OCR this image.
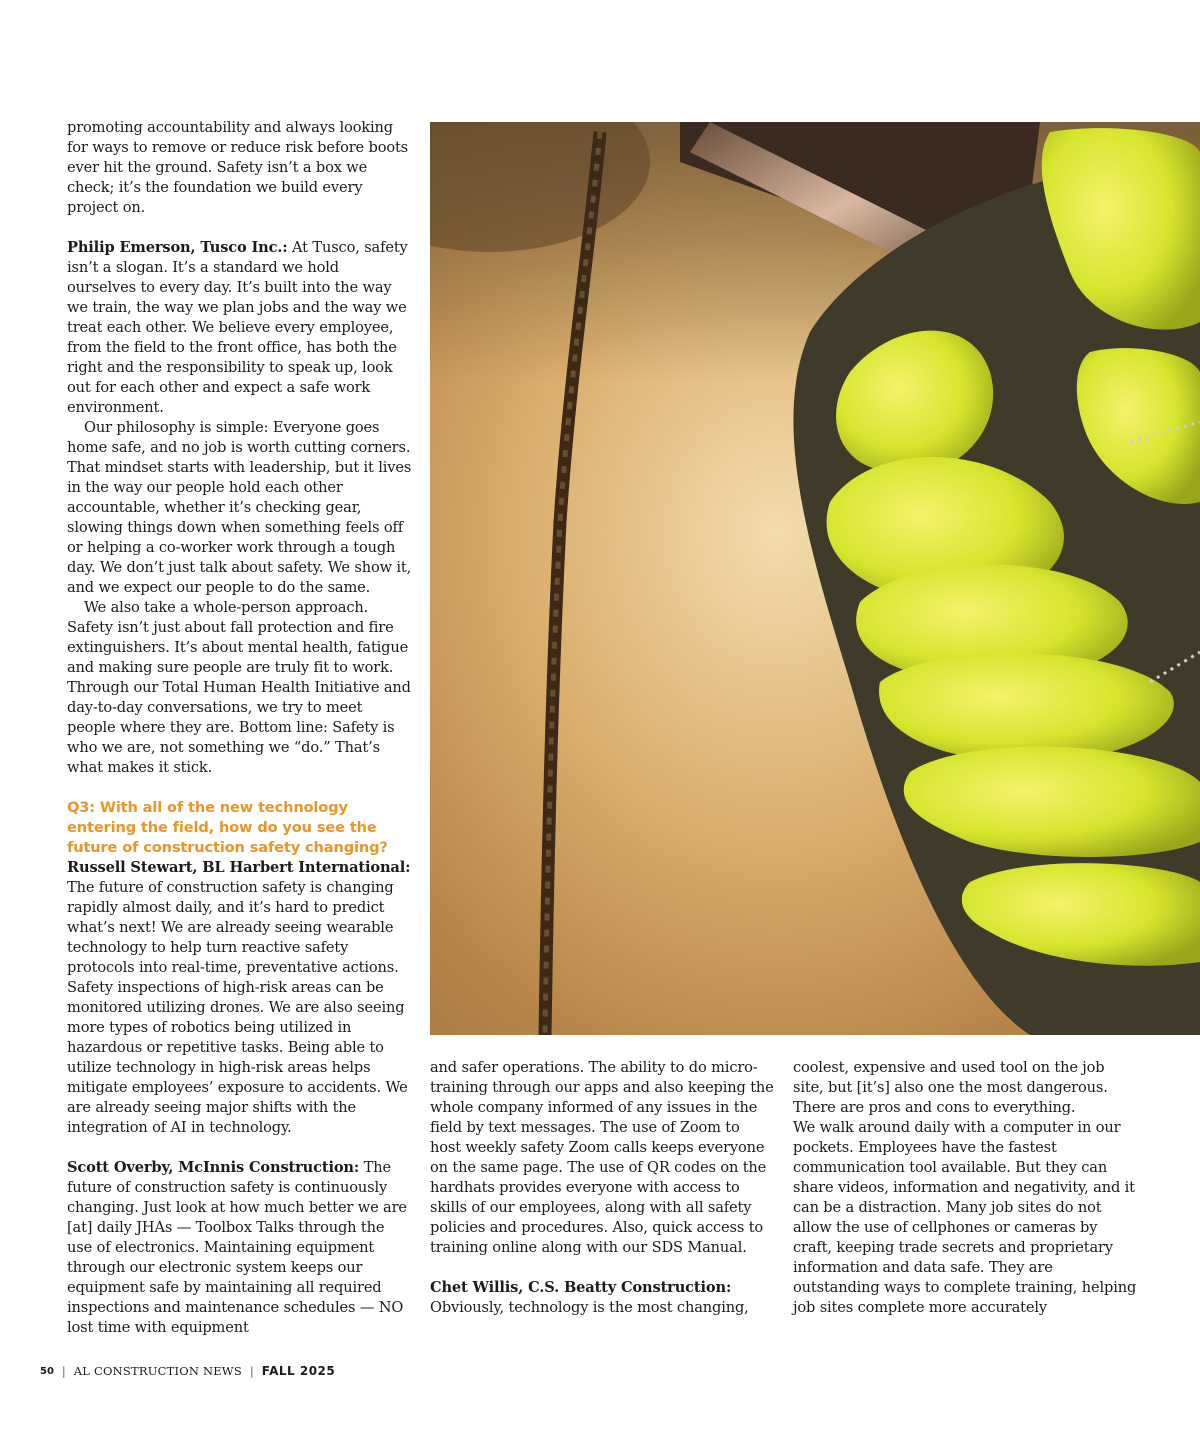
promoting accountability and always looking for ways to remove or reduce risk before boots ever hit the ground. Safety isn’t a box we check; it’s the foundation we build every project on.

Philip Emerson, Tusco Inc.: At Tusco, safety isn’t a slogan. It’s a standard we hold ourselves to every day. It’s built into the way we train, the way we plan jobs and the way we treat each other. We believe every employee, from the field to the front office, has both the right and the responsibility to speak up, look out for each other and expect a safe work environment.

Our philosophy is simple: Everyone goes home safe, and no job is worth cutting corners. That mindset starts with leadership, but it lives in the way our people hold each other accountable, whether it’s checking gear, slowing things down when something feels off or helping a co-worker work through a tough day. We don’t just talk about safety. We show it, and we expect our people to do the same.

We also take a whole-person approach. Safety isn’t just about fall protection and fire extinguishers. It’s about mental health, fatigue and making sure people are truly fit to work. Through our Total Human Health Initiative and day-to-day conversations, we try to meet people where they are. Bottom line: Safety is who we are, not something we “do.” That’s what makes it stick.

Q3: With all of the new technology entering the field, how do you see the future of construction safety changing?

Russell Stewart, BL Harbert International: The future of construction safety is changing rapidly almost daily, and it’s hard to predict what’s next! We are already seeing wearable technology to help turn reactive safety protocols into real-time, preventative actions. Safety inspections of high-risk areas can be monitored utilizing drones. We are also seeing more types of robotics being utilized in hazardous or repetitive tasks. Being able to utilize technology in high-risk areas helps mitigate employees’ exposure to accidents. We are already seeing major shifts with the integration of AI in technology.

Scott Overby, McInnis Construction: The future of construction safety is continuously changing. Just look at how much better we are [at] daily JHAs — Toolbox Talks through the use of electronics. Maintaining equipment through our electronic system keeps our equipment safe by maintaining all required inspections and maintenance schedules — NO lost time with equipment

and safer operations. The ability to do micro-training through our apps and also keeping the whole company informed of any issues in the field by text messages. The use of Zoom to host weekly safety Zoom calls keeps everyone on the same page. The use of QR codes on the hardhats provides everyone with access to skills of our employees, along with all safety policies and procedures. Also, quick access to training online along with our SDS Manual.

Chet Willis, C.S. Beatty Construction:
Obviously, technology is the most changing,

coolest, expensive and used tool on the job site, but [it’s] also one the most dangerous. There are pros and cons to everything.

We walk around daily with a computer in our pockets. Employees have the fastest communication tool available. But they can share videos, information and negativity, and it can be a distraction. Many job sites do not allow the use of cellphones or cameras by craft, keeping trade secrets and proprietary information and data safe. They are outstanding ways to complete training, helping job sites complete more accurately

50 | AL CONSTRUCTION NEWS | FALL 2025
